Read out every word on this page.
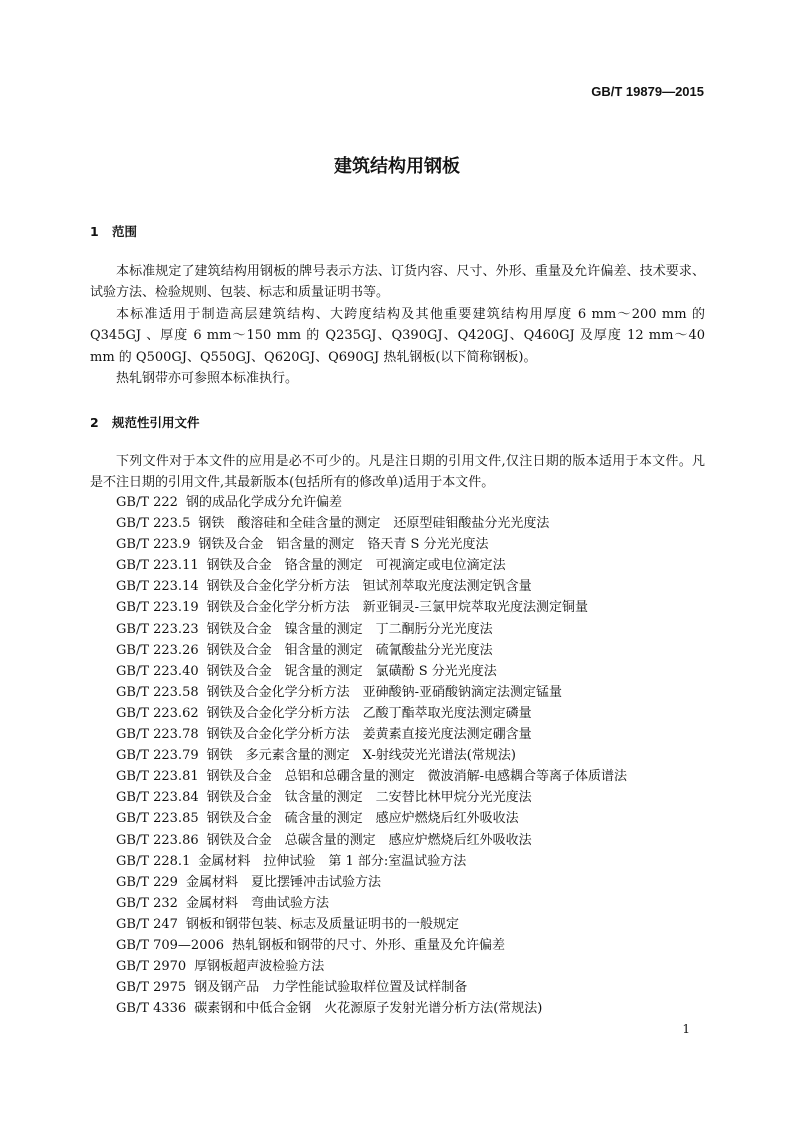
GB/T 19879—2015
建筑结构用钢板
1 范围

本标准规定了建筑结构用钢板的牌号表示方法、订货内容、尺寸、外形、重量及允许偏差、技术要求、试验方法、检验规则、包装、标志和质量证明书等。

本标准适用于制造高层建筑结构、大跨度结构及其他重要建筑结构用厚度 6 mm～200 mm 的 Q345GJ 、厚度 6 mm～150 mm 的 Q235GJ、Q390GJ、Q420GJ、Q460GJ 及厚度 12 mm～40 mm 的 Q500GJ、Q550GJ、Q620GJ、Q690GJ 热轧钢板(以下简称钢板)。

热轧钢带亦可参照本标准执行。

2 规范性引用文件

下列文件对于本文件的应用是必不可少的。凡是注日期的引用文件,仅注日期的版本适用于本文件。凡是不注日期的引用文件,其最新版本(包括所有的修改单)适用于本文件。

GB/T 222 钢的成品化学成分允许偏差
GB/T 223.5 钢铁　酸溶硅和全硅含量的测定　还原型硅钼酸盐分光光度法
GB/T 223.9 钢铁及合金　铝含量的测定　铬天青 S 分光光度法
GB/T 223.11 钢铁及合金　铬含量的测定　可视滴定或电位滴定法
GB/T 223.14 钢铁及合金化学分析方法　钽试剂萃取光度法测定钒含量
GB/T 223.19 钢铁及合金化学分析方法　新亚铜灵-三氯甲烷萃取光度法测定铜量
GB/T 223.23 钢铁及合金　镍含量的测定　丁二酮肟分光光度法
GB/T 223.26 钢铁及合金　钼含量的测定　硫氰酸盐分光光度法
GB/T 223.40 钢铁及合金　铌含量的测定　氯磺酚 S 分光光度法
GB/T 223.58 钢铁及合金化学分析方法　亚砷酸钠-亚硝酸钠滴定法测定锰量
GB/T 223.62 钢铁及合金化学分析方法　乙酸丁酯萃取光度法测定磷量
GB/T 223.78 钢铁及合金化学分析方法　姜黄素直接光度法测定硼含量
GB/T 223.79 钢铁　多元素含量的测定　X-射线荧光光谱法(常规法)
GB/T 223.81 钢铁及合金　总铝和总硼含量的测定　微波消解-电感耦合等离子体质谱法
GB/T 223.84 钢铁及合金　钛含量的测定　二安替比林甲烷分光光度法
GB/T 223.85 钢铁及合金　硫含量的测定　感应炉燃烧后红外吸收法
GB/T 223.86 钢铁及合金　总碳含量的测定　感应炉燃烧后红外吸收法
GB/T 228.1 金属材料　拉伸试验　第 1 部分:室温试验方法
GB/T 229 金属材料　夏比摆锤冲击试验方法
GB/T 232 金属材料　弯曲试验方法
GB/T 247 钢板和钢带包装、标志及质量证明书的一般规定
GB/T 709—2006 热轧钢板和钢带的尺寸、外形、重量及允许偏差
GB/T 2970 厚钢板超声波检验方法
GB/T 2975 钢及钢产品　力学性能试验取样位置及试样制备
GB/T 4336 碳素钢和中低合金钢　火花源原子发射光谱分析方法(常规法)
1
